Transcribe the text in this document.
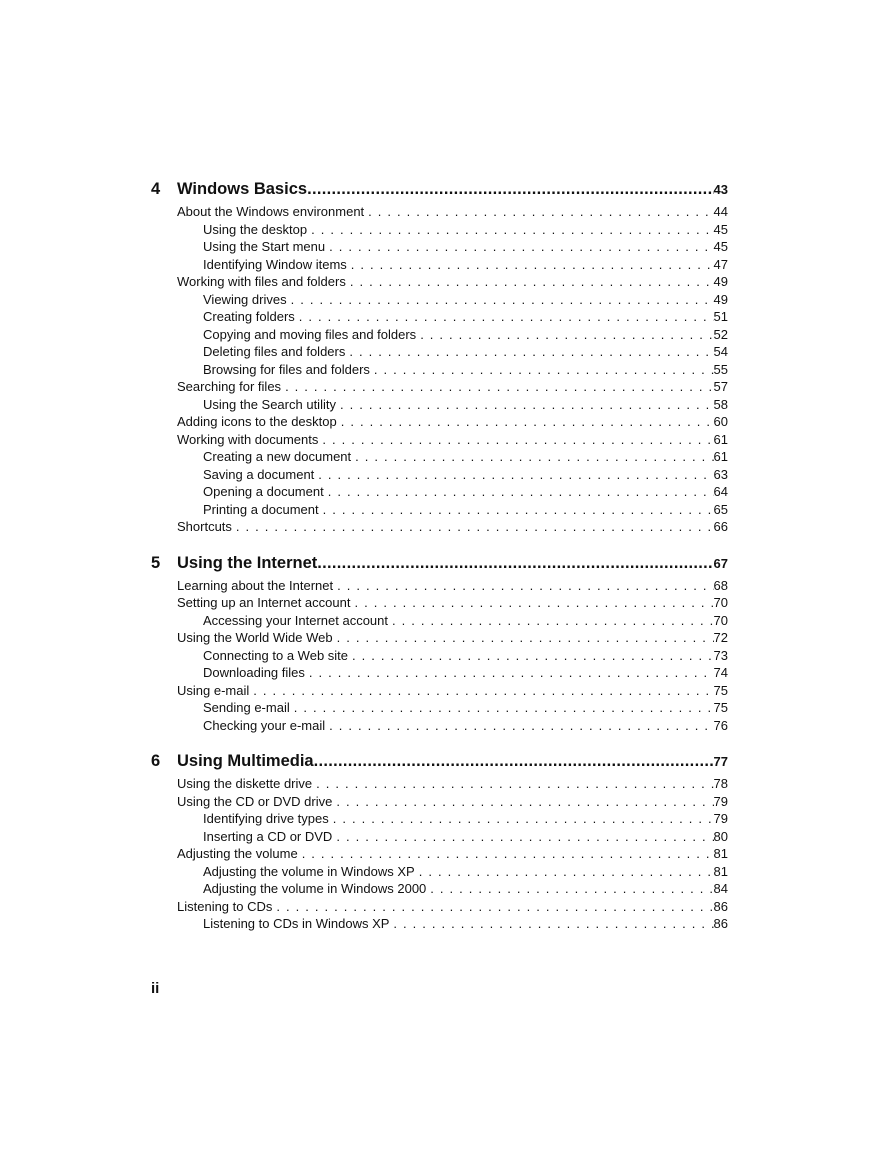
4 Windows Basics .....	43
About the Windows environment . . .	44
Using the desktop . . .	45
Using the Start menu . . .	45
Identifying Window items . . .	47
Working with files and folders . . .	49
Viewing drives . . .	49
Creating folders . . .	51
Copying and moving files and folders . . .	52
Deleting files and folders . . .	54
Browsing for files and folders . . .	55
Searching for files . . .	57
Using the Search utility . . .	58
Adding icons to the desktop . . .	60
Working with documents . . .	61
Creating a new document . . .	61
Saving a document . . .	63
Opening a document . . .	64
Printing a document . . .	65
Shortcuts . . .	66
5 Using the Internet .....	67
Learning about the Internet . . .	68
Setting up an Internet account . . .	70
Accessing your Internet account . . .	70
Using the World Wide Web . . .	72
Connecting to a Web site . . .	73
Downloading files . . .	74
Using e-mail . . .	75
Sending e-mail . . .	75
Checking your e-mail . . .	76
6 Using Multimedia .....	77
Using the diskette drive . . .	78
Using the CD or DVD drive . . .	79
Identifying drive types . . .	79
Inserting a CD or DVD . . .	80
Adjusting the volume . . .	81
Adjusting the volume in Windows XP . . .	81
Adjusting the volume in Windows 2000 . . .	84
Listening to CDs . . .	86
Listening to CDs in Windows XP . . .	86
ii
